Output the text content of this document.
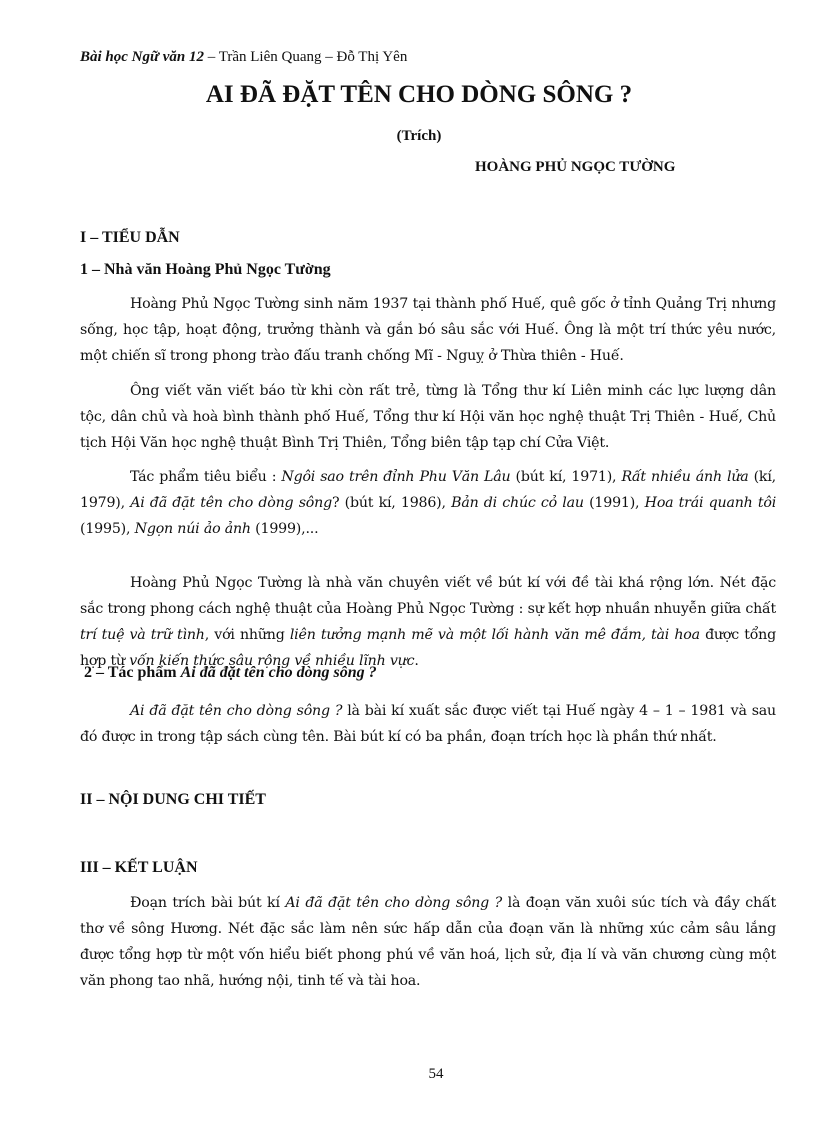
Bài học Ngữ văn 12 – Trần Liên Quang – Đỗ Thị Yên
AI ĐÃ ĐẶT TÊN CHO DÒNG SÔNG ?
(Trích)
HOÀNG PHỦ NGỌC TƯỜNG
I – TIỂU DẪN
1 – Nhà văn Hoàng Phủ Ngọc Tường

Hoàng Phủ Ngọc Tường sinh năm 1937 tại thành phố Huế, quê gốc ở tỉnh Quảng Trị nhưng sống, học tập, hoạt động, trưởng thành và gắn bó sâu sắc với Huế. Ông là một trí thức yêu nước, một chiến sĩ trong phong trào đấu tranh chống Mĩ - Nguỵ ở Thừa thiên - Huế.

Ông viết văn viết báo từ khi còn rất trẻ, từng là Tổng thư kí Liên minh các lực lượng dân tộc, dân chủ và hoà bình thành phố Huế, Tổng thư kí Hội văn học nghệ thuật Trị Thiên - Huế, Chủ tịch Hội Văn học nghệ thuật Bình Trị Thiên, Tổng biên tập tạp chí Cửa Việt.

Tác phẩm tiêu biểu : Ngôi sao trên đỉnh Phu Văn Lâu (bút kí, 1971), Rất nhiều ánh lửa (kí, 1979), Ai đã đặt tên cho dòng sông? (bút kí, 1986), Bản di chúc cỏ lau (1991), Hoa trái quanh tôi (1995), Ngọn núi ảo ảnh (1999),...

Hoàng Phủ Ngọc Tường là nhà văn chuyên viết về bút kí với đề tài khá rộng lớn. Nét đặc sắc trong phong cách nghệ thuật của Hoàng Phủ Ngọc Tường : sự kết hợp nhuần nhuyễn giữa chất trí tuệ và trữ tình, với những liên tưởng mạnh mẽ và một lối hành văn mê đắm, tài hoa được tổng hợp từ vốn kiến thức sâu rộng về nhiều lĩnh vực.

2 – Tác phẩm Ai đã đặt tên cho dòng sông ?

Ai đã đặt tên cho dòng sông ? là bài kí xuất sắc được viết tại Huế ngày 4 – 1 – 1981 và sau đó được in trong tập sách cùng tên. Bài bút kí có ba phần, đoạn trích học là phần thứ nhất.

II – NỘI DUNG CHI TIẾT
III – KẾT LUẬN

Đoạn trích bài bút kí Ai đã đặt tên cho dòng sông ? là đoạn văn xuôi súc tích và đầy chất thơ về sông Hương. Nét đặc sắc làm nên sức hấp dẫn của đoạn văn là những xúc cảm sâu lắng được tổng hợp từ một vốn hiểu biết phong phú về văn hoá, lịch sử, địa lí và văn chương cùng một văn phong tao nhã, hướng nội, tinh tế và tài hoa.

54
